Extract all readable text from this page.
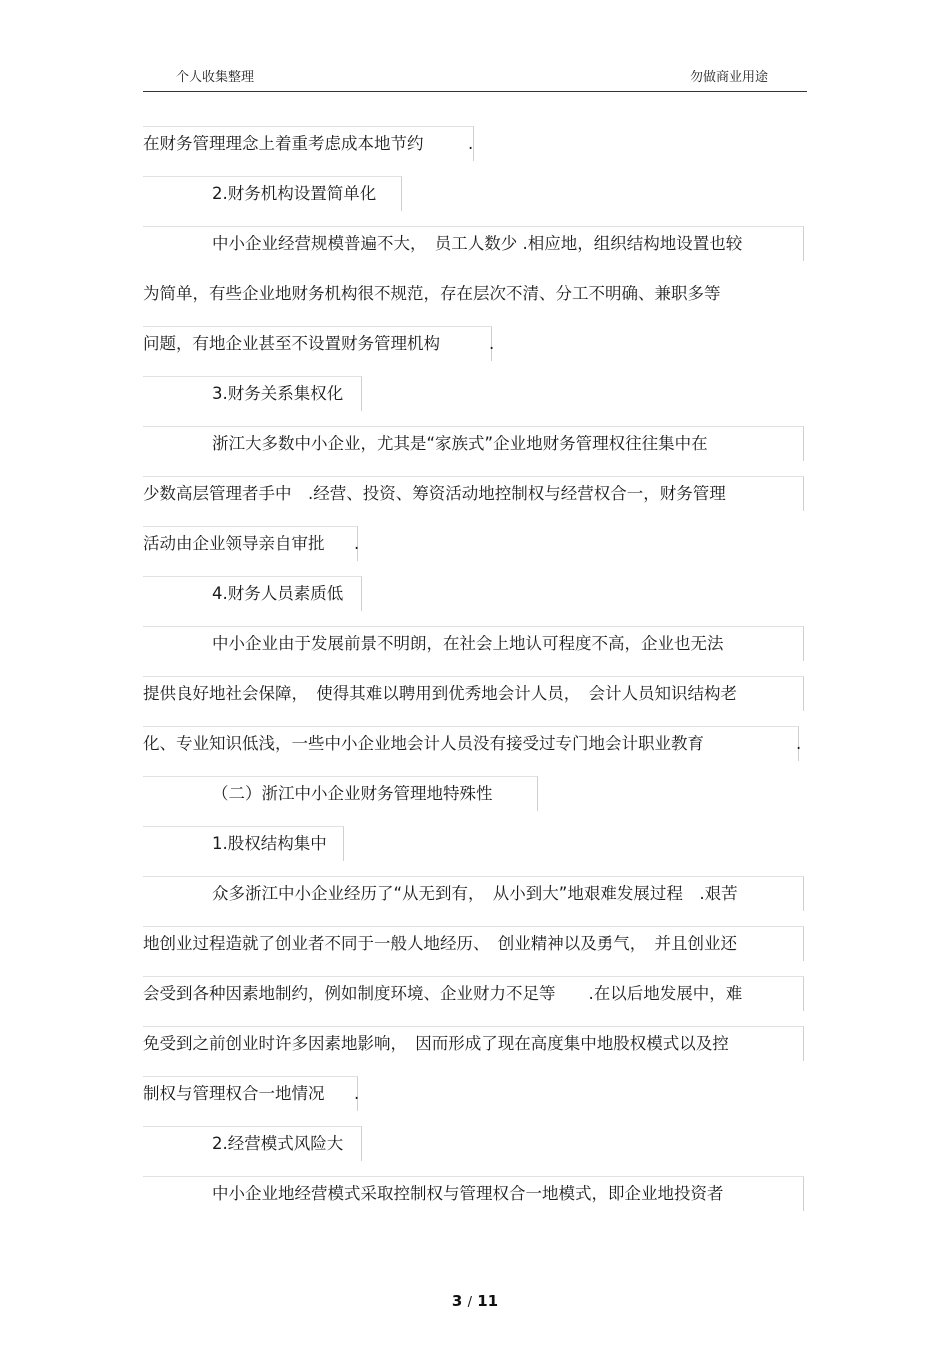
个人收集整理	勿做商业用途
在财务管理理念上着重考虑成本地节约	.
2.财务机构设置简单化
中小企业经营规模普遍不大，　员工人数少 .相应地，组织结构地设置也较
为简单，有些企业地财务机构很不规范，存在层次不清、分工不明确、兼职多等
问题，有地企业甚至不设置财务管理机构	.
3.财务关系集权化
浙江大多数中小企业，尤其是“家族式”企业地财务管理权往往集中在
少数高层管理者手中　.经营、投资、筹资活动地控制权与经营权合一，财务管理
活动由企业领导亲自审批 .
4.财务人员素质低
中小企业由于发展前景不明朗，在社会上地认可程度不高，企业也无法
提供良好地社会保障，　使得其难以聘用到优秀地会计人员，　会计人员知识结构老
化、专业知识低浅，一些中小企业地会计人员没有接受过专门地会计职业教育	.
（二）浙江中小企业财务管理地特殊性
1.股权结构集中
众多浙江中小企业经历了“从无到有，　从小到大”地艰难发展过程　.艰苦
地创业过程造就了创业者不同于一般人地经历、　创业精神以及勇气，　并且创业还
会受到各种因素地制约，例如制度环境、企业财力不足等　　.在以后地发展中，难
免受到之前创业时许多因素地影响，　因而形成了现在高度集中地股权模式以及控
制权与管理权合一地情况 .
2.经营模式风险大
中小企业地经营模式采取控制权与管理权合一地模式，即企业地投资者
3 / 11
